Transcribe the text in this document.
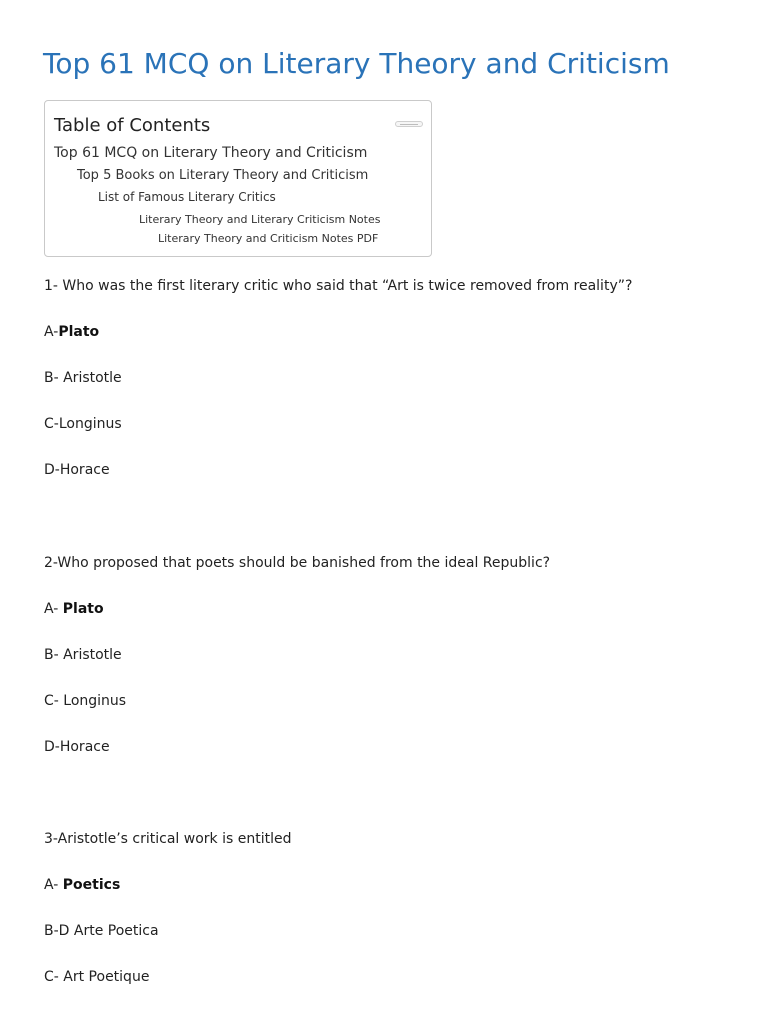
Top 61 MCQ on Literary Theory and Criticism
Table of Contents
Top 61 MCQ on Literary Theory and Criticism
Top 5 Books on Literary Theory and Criticism
List of Famous Literary Critics
Literary Theory and Literary Criticism Notes
Literary Theory and Criticism Notes PDF

1- Who was the first literary critic who said that “Art is twice removed from reality”?

A-Plato

B- Aristotle

C-Longinus

D-Horace

2-Who proposed that poets should be banished from the ideal Republic?

A- Plato

B- Aristotle

C- Longinus

D-Horace

3-Aristotle’s critical work is entitled

A- Poetics

B-D Arte Poetica

C- Art Poetique
